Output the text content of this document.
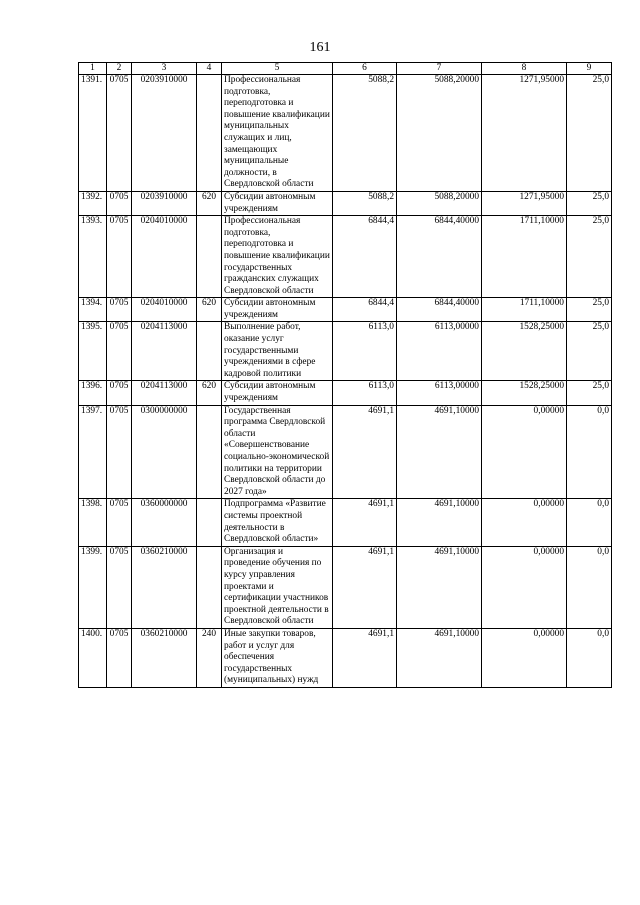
161
1	2	3	4	5	6	7	8	9
1391.	0705	0203910000		Профессиональная подготовка, переподготовка и повышение квалификации муниципальных служащих и лиц, замещающих муниципальные должности, в Свердловской области	5088,2	5088,20000	1271,95000	25,0
1392.	0705	0203910000	620	Субсидии автономным учреждениям	5088,2	5088,20000	1271,95000	25,0
1393.	0705	0204010000		Профессиональная подготовка, переподготовка и повышение квалификации государственных гражданских служащих Свердловской области	6844,4	6844,40000	1711,10000	25,0
1394.	0705	0204010000	620	Субсидии автономным учреждениям	6844,4	6844,40000	1711,10000	25,0
1395.	0705	0204113000		Выполнение работ, оказание услуг государственными учреждениями в сфере кадровой политики	6113,0	6113,00000	1528,25000	25,0
1396.	0705	0204113000	620	Субсидии автономным учреждениям	6113,0	6113,00000	1528,25000	25,0
1397.	0705	0300000000		Государственная программа Свердловской области «Совершенствование социально-экономической политики на территории Свердловской области до 2027 года»	4691,1	4691,10000	0,00000	0,0
1398.	0705	0360000000		Подпрограмма «Развитие системы проектной деятельности в Свердловской области»	4691,1	4691,10000	0,00000	0,0
1399.	0705	0360210000		Организация и проведение обучения по курсу управления проектами и сертификации участников проектной деятельности в Свердловской области	4691,1	4691,10000	0,00000	0,0
1400.	0705	0360210000	240	Иные закупки товаров, работ и услуг для обеспечения государственных (муниципальных) нужд	4691,1	4691,10000	0,00000	0,0
